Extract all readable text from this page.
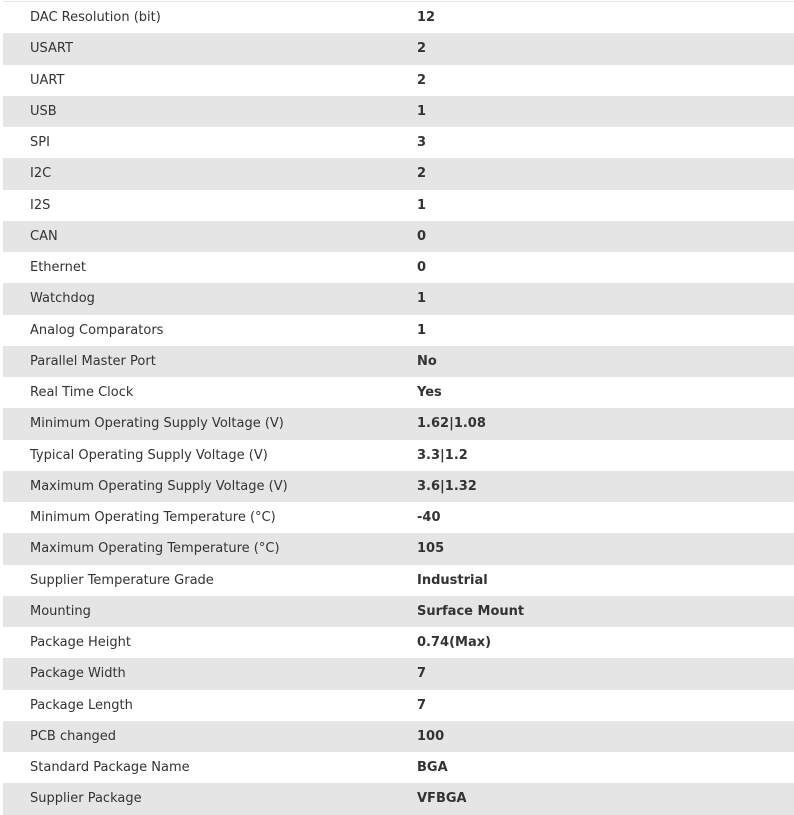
DAC Resolution (bit)	12
USART	2
UART	2
USB	1
SPI	3
I2C	2
I2S	1
CAN	0
Ethernet	0
Watchdog	1
Analog Comparators	1
Parallel Master Port	No
Real Time Clock	Yes
Minimum Operating Supply Voltage (V)	1.62|1.08
Typical Operating Supply Voltage (V)	3.3|1.2
Maximum Operating Supply Voltage (V)	3.6|1.32
Minimum Operating Temperature (°C)	-40
Maximum Operating Temperature (°C)	105
Supplier Temperature Grade	Industrial
Mounting	Surface Mount
Package Height	0.74(Max)
Package Width	7
Package Length	7
PCB changed	100
Standard Package Name	BGA
Supplier Package	VFBGA
